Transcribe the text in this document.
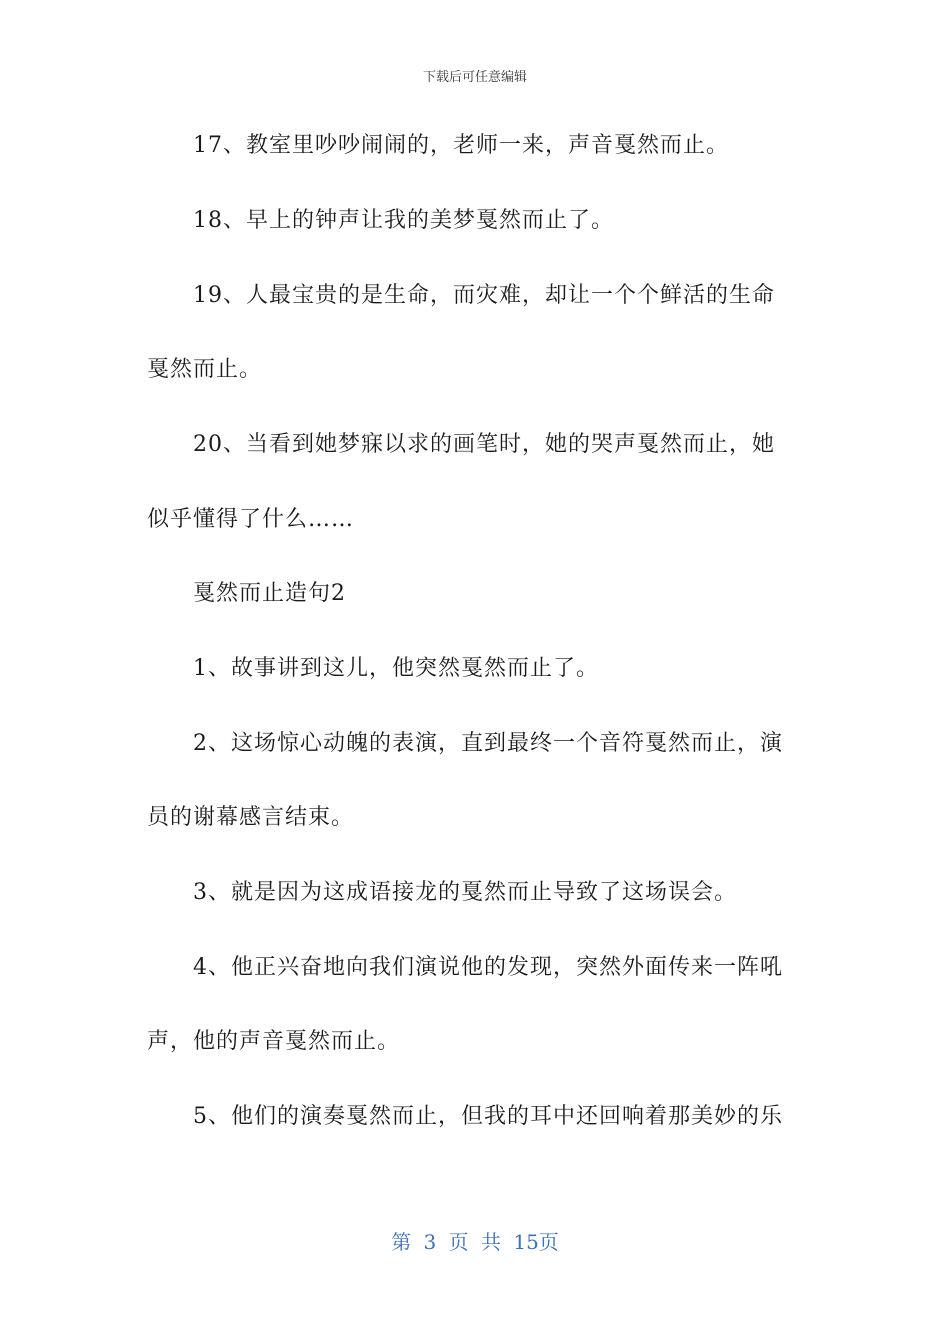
下载后可任意编辑
17、教室里吵吵闹闹的，老师一来，声音戛然而止。
18、早上的钟声让我的美梦戛然而止了。
19、人最宝贵的是生命，而灾难，却让一个个鲜活的生命
戛然而止。
20、当看到她梦寐以求的画笔时，她的哭声戛然而止，她
似乎懂得了什么……
戛然而止造句2
1、故事讲到这儿，他突然戛然而止了。
2、这场惊心动魄的表演，直到最终一个音符戛然而止，演
员的谢幕感言结束。
3、就是因为这成语接龙的戛然而止导致了这场误会。
4、他正兴奋地向我们演说他的发现，突然外面传来一阵吼
声，他的声音戛然而止。
5、他们的演奏戛然而止，但我的耳中还回响着那美妙的乐
第 3 页 共 15页
